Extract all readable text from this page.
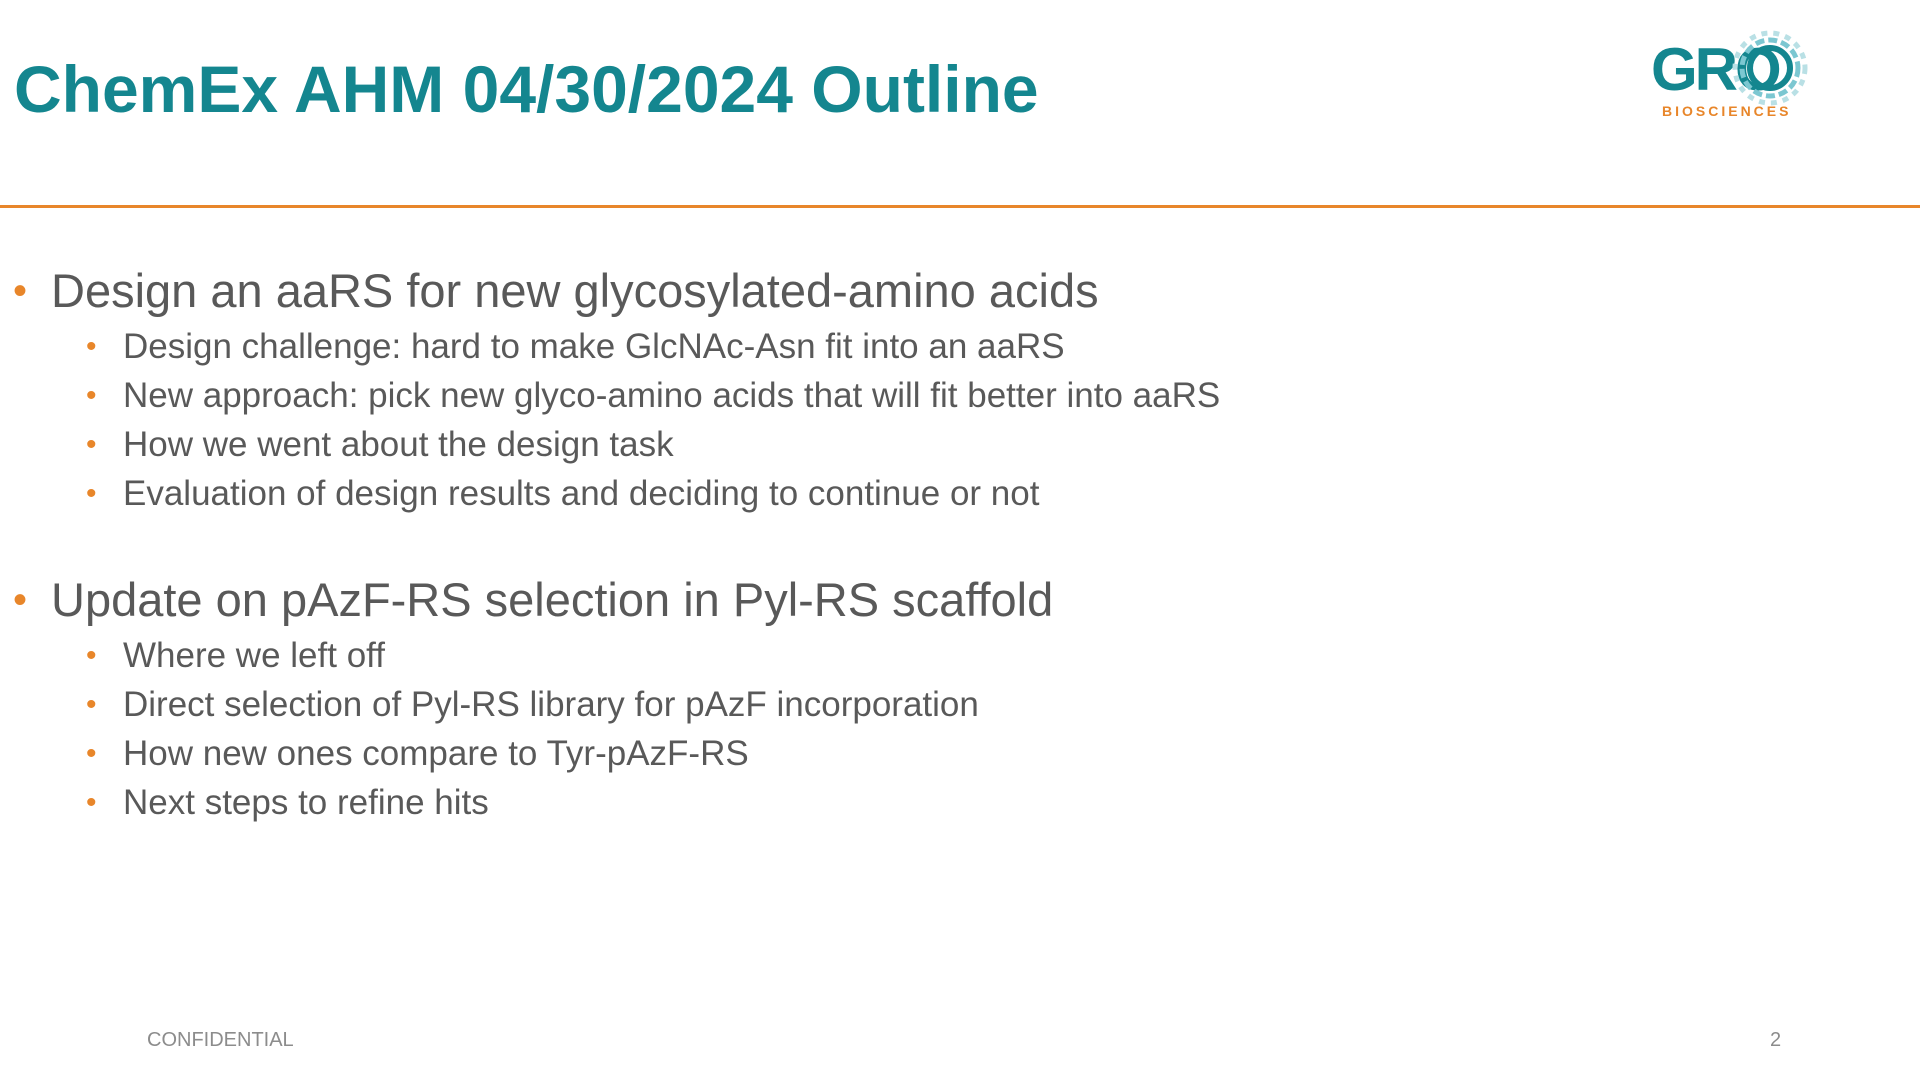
ChemEx AHM 04/30/2024 Outline	GRO
BIOSCIENCES
• Design an aaRS for new glycosylated-amino acids
• Design challenge: hard to make GlcNAc-Asn fit into an aaRS
• New approach: pick new glyco-amino acids that will fit better into aaRS
• How we went about the design task
• Evaluation of design results and deciding to continue or not
• Update on pAzF-RS selection in Pyl-RS scaffold
• Where we left off
• Direct selection of Pyl-RS library for pAzF incorporation
• How new ones compare to Tyr-pAzF-RS
• Next steps to refine hits
CONFIDENTIAL	2
